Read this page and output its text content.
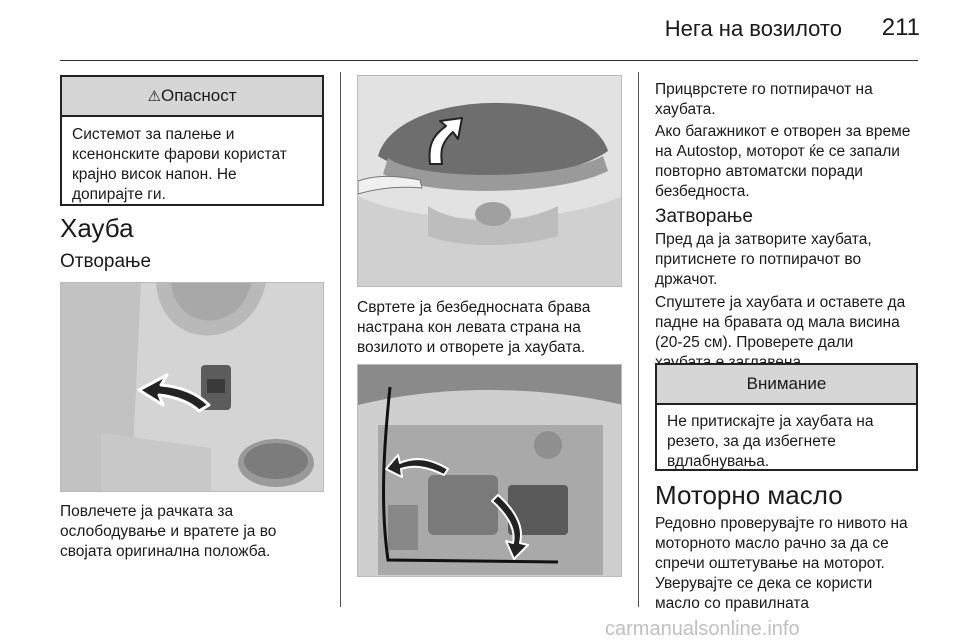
Нега на возилото 211
⚠Опасност
Системот за палење и
ксенонските фарови користат
крајно висок напон. Не
допирајте ги.
Хауба
Отворање
Повлечете ја рачката за
ослободување и вратете ја во
својата оригинална положба.
Свртете ја безбедносната брава
настрана кон левата страна на
возилото и отворете ја хаубата.
Прицврстете го потпирачот на
хаубата.
Ако багажникот е отворен за време
на Autostop, моторот ќе се запали
повторно автоматски поради
безбедноста.
Затворање
Пред да ја затворите хаубата,
притиснете го потпирачот во
држачот.
Спуштете ја хаубата и оставете да
падне на бравата од мала висина
(20-25 см). Проверете дали
Внимание
Не притискајте ја хаубата на
резето, за да избегнете
вдлабнувања.
Моторно масло
Редовно проверувајте го нивото на
моторното масло рачно за да се
спречи оштетување на моторот.
Уверувајте се дека се користи
масло со правилната
carmanualsonline.info
